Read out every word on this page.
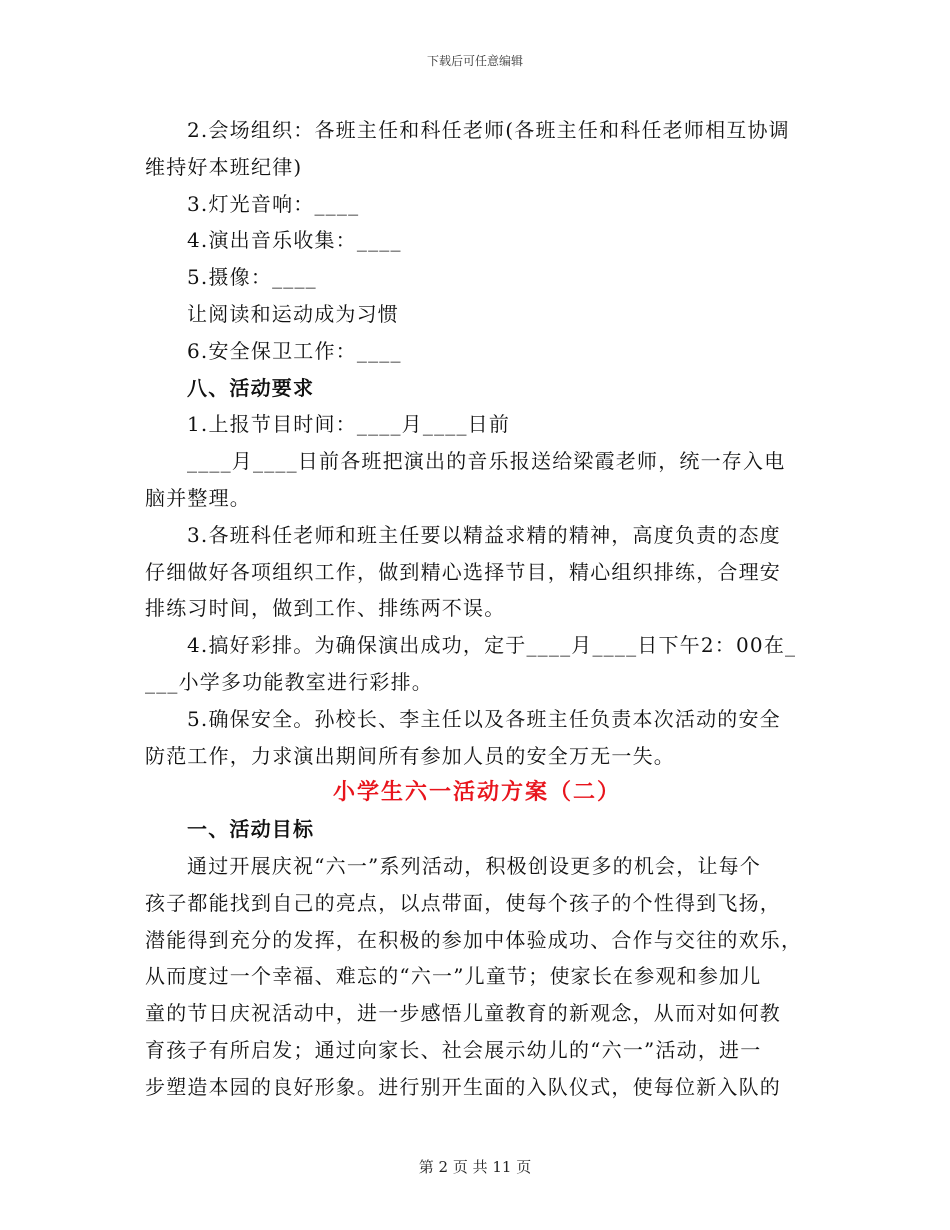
下载后可任意编辑
2.会场组织：各班主任和科任老师(各班主任和科任老师相互协调
维持好本班纪律)
3.灯光音响：____
4.演出音乐收集：____
5.摄像：____
让阅读和运动成为习惯
6.安全保卫工作：____
八、活动要求
1.上报节目时间：____月____日前
____月____日前各班把演出的音乐报送给梁霞老师，统一存入电
脑并整理。
3.各班科任老师和班主任要以精益求精的精神，高度负责的态度
仔细做好各项组织工作，做到精心选择节目，精心组织排练，合理安
排练习时间，做到工作、排练两不误。
4.搞好彩排。为确保演出成功，定于____月____日下午2：00在_
___小学多功能教室进行彩排。
5.确保安全。孙校长、李主任以及各班主任负责本次活动的安全
防范工作，力求演出期间所有参加人员的安全万无一失。
小学生六一活动方案（二）
一、活动目标
通过开展庆祝“六一”系列活动，积极创设更多的机会，让每个
孩子都能找到自己的亮点，以点带面，使每个孩子的个性得到飞扬，
潜能得到充分的发挥，在积极的参加中体验成功、合作与交往的欢乐，
从而度过一个幸福、难忘的“六一”儿童节；使家长在参观和参加儿
童的节日庆祝活动中，进一步感悟儿童教育的新观念，从而对如何教
育孩子有所启发；通过向家长、社会展示幼儿的“六一”活动，进一
步塑造本园的良好形象。进行别开生面的入队仪式，使每位新入队的
第 2 页 共 11 页
